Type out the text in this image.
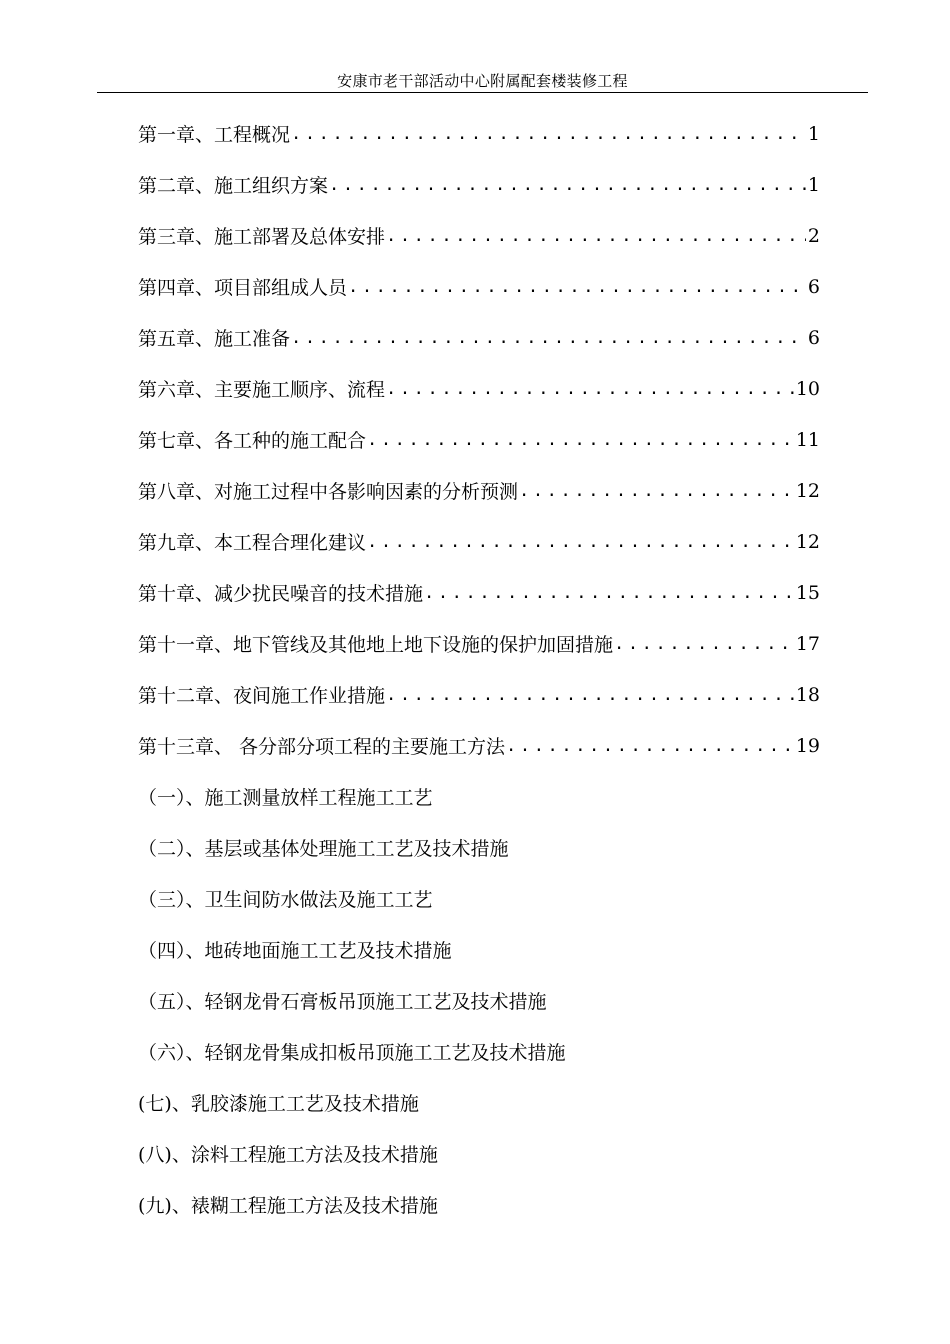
安康市老干部活动中心附属配套楼装修工程
第一章、工程概况 .....	1
第二章、施工组织方案 .....	1
第三章、施工部署及总体安排 .....	2
第四章、项目部组成人员 .....	6
第五章、施工准备 .....	6
第六章、主要施工顺序、流程 .....	10
第七章、各工种的施工配合 .....	11
第八章、对施工过程中各影响因素的分析预测 .....	12
第九章、本工程合理化建议 .....	12
第十章、减少扰民噪音的技术措施 .....	15
第十一章、地下管线及其他地上地下设施的保护加固措施 .....	17
第十二章、夜间施工作业措施 .....	18
第十三章、 各分部分项工程的主要施工方法 .....	19
（一）、施工测量放样工程施工工艺
（二）、基层或基体处理施工工艺及技术措施
（三）、卫生间防水做法及施工工艺
（四）、地砖地面施工工艺及技术措施
（五）、轻钢龙骨石膏板吊顶施工工艺及技术措施
（六）、轻钢龙骨集成扣板吊顶施工工艺及技术措施
(七)、乳胶漆施工工艺及技术措施
(八)、涂料工程施工方法及技术措施
(九)、裱糊工程施工方法及技术措施
